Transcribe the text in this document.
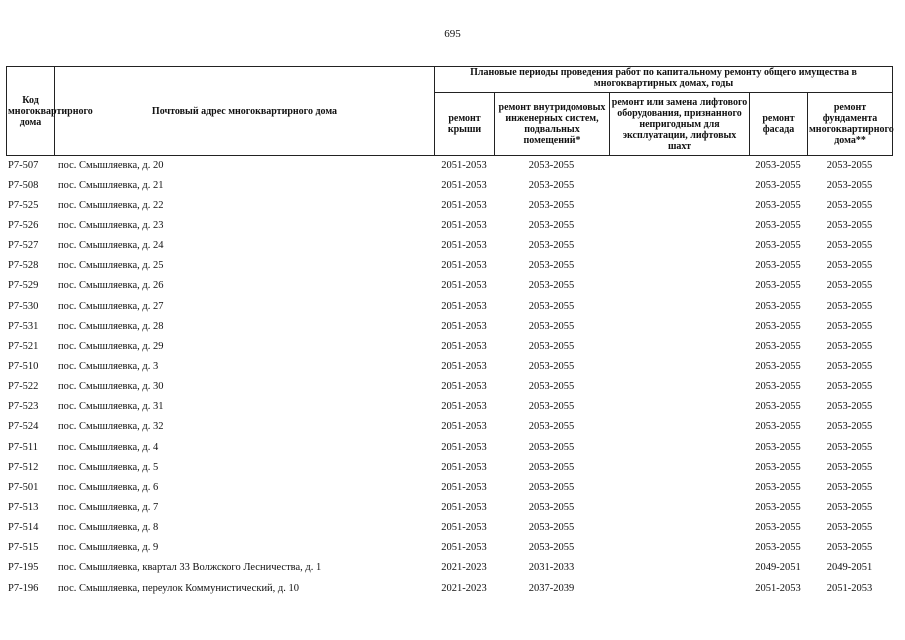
695
Код многоквартирного дома	Почтовый адрес многоквартирного дома	Плановые периоды проведения работ по капитальному ремонту общего имущества в многоквартирных домах, годы				
		ремонт крыши	ремонт внутридомовых инженерных систем, подвальных помещений*	ремонт или замена лифтового оборудования, признанного непригодным для эксплуатации, лифтовых шахт	ремонт фасада	ремонт фундамента многоквартирного дома**
Р7-507	пос. Смышляевка, д. 20	2051-2053	2053-2055		2053-2055	2053-2055
Р7-508	пос. Смышляевка, д. 21	2051-2053	2053-2055		2053-2055	2053-2055
Р7-525	пос. Смышляевка, д. 22	2051-2053	2053-2055		2053-2055	2053-2055
Р7-526	пос. Смышляевка, д. 23	2051-2053	2053-2055		2053-2055	2053-2055
Р7-527	пос. Смышляевка, д. 24	2051-2053	2053-2055		2053-2055	2053-2055
Р7-528	пос. Смышляевка, д. 25	2051-2053	2053-2055		2053-2055	2053-2055
Р7-529	пос. Смышляевка, д. 26	2051-2053	2053-2055		2053-2055	2053-2055
Р7-530	пос. Смышляевка, д. 27	2051-2053	2053-2055		2053-2055	2053-2055
Р7-531	пос. Смышляевка, д. 28	2051-2053	2053-2055		2053-2055	2053-2055
Р7-521	пос. Смышляевка, д. 29	2051-2053	2053-2055		2053-2055	2053-2055
Р7-510	пос. Смышляевка, д. 3	2051-2053	2053-2055		2053-2055	2053-2055
Р7-522	пос. Смышляевка, д. 30	2051-2053	2053-2055		2053-2055	2053-2055
Р7-523	пос. Смышляевка, д. 31	2051-2053	2053-2055		2053-2055	2053-2055
Р7-524	пос. Смышляевка, д. 32	2051-2053	2053-2055		2053-2055	2053-2055
Р7-511	пос. Смышляевка, д. 4	2051-2053	2053-2055		2053-2055	2053-2055
Р7-512	пос. Смышляевка, д. 5	2051-2053	2053-2055		2053-2055	2053-2055
Р7-501	пос. Смышляевка, д. 6	2051-2053	2053-2055		2053-2055	2053-2055
Р7-513	пос. Смышляевка, д. 7	2051-2053	2053-2055		2053-2055	2053-2055
Р7-514	пос. Смышляевка, д. 8	2051-2053	2053-2055		2053-2055	2053-2055
Р7-515	пос. Смышляевка, д. 9	2051-2053	2053-2055		2053-2055	2053-2055
Р7-195	пос. Смышляевка, квартал 33 Волжского Лесничества, д. 1	2021-2023	2031-2033		2049-2051	2049-2051
Р7-196	пос. Смышляевка, переулок Коммунистический, д. 10	2021-2023	2037-2039		2051-2053	2051-2053
